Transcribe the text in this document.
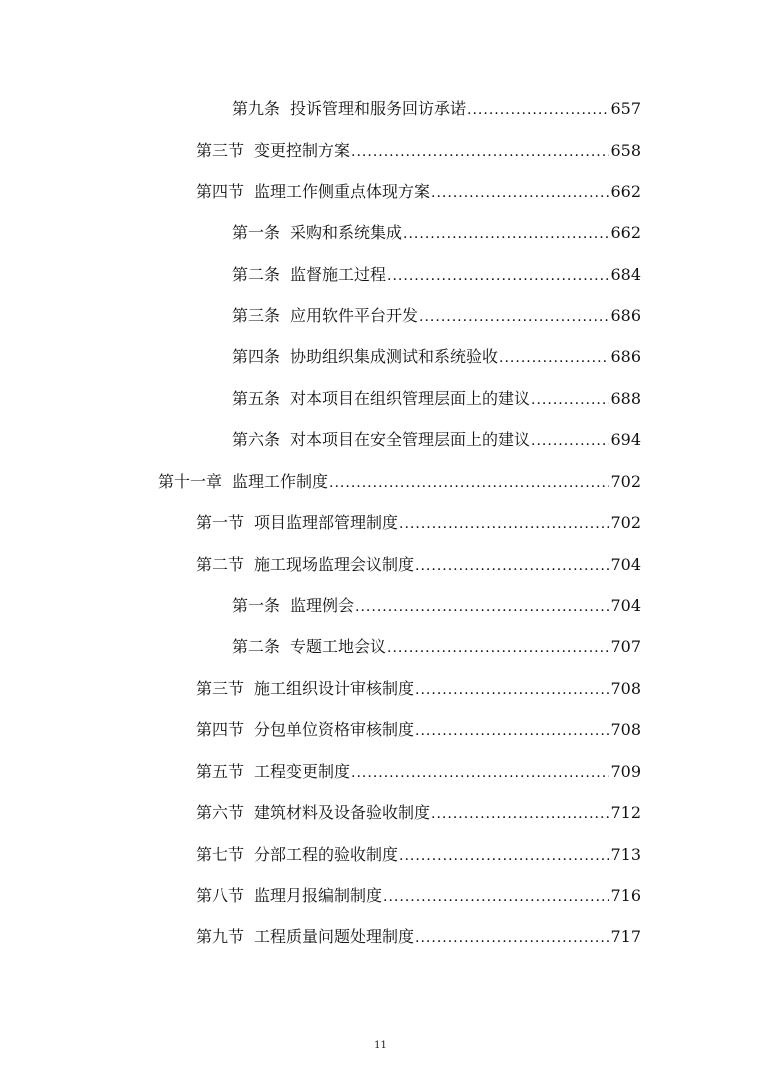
第九条 投诉管理和服务回访承诺 .....	657
第三节 变更控制方案 .....	658
第四节 监理工作侧重点体现方案 .....	662
第一条 采购和系统集成 .....	662
第二条 监督施工过程 .....	684
第三条 应用软件平台开发 .....	686
第四条 协助组织集成测试和系统验收 .....	686
第五条 对本项目在组织管理层面上的建议 .....	688
第六条 对本项目在安全管理层面上的建议 .....	694
第十一章 监理工作制度 .....	702
第一节 项目监理部管理制度 .....	702
第二节 施工现场监理会议制度 .....	704
第一条 监理例会 .....	704
第二条 专题工地会议 .....	707
第三节 施工组织设计审核制度 .....	708
第四节 分包单位资格审核制度 .....	708
第五节 工程变更制度 .....	709
第六节 建筑材料及设备验收制度 .....	712
第七节 分部工程的验收制度 .....	713
第八节 监理月报编制制度 .....	716
第九节 工程质量问题处理制度 .....	717
11
